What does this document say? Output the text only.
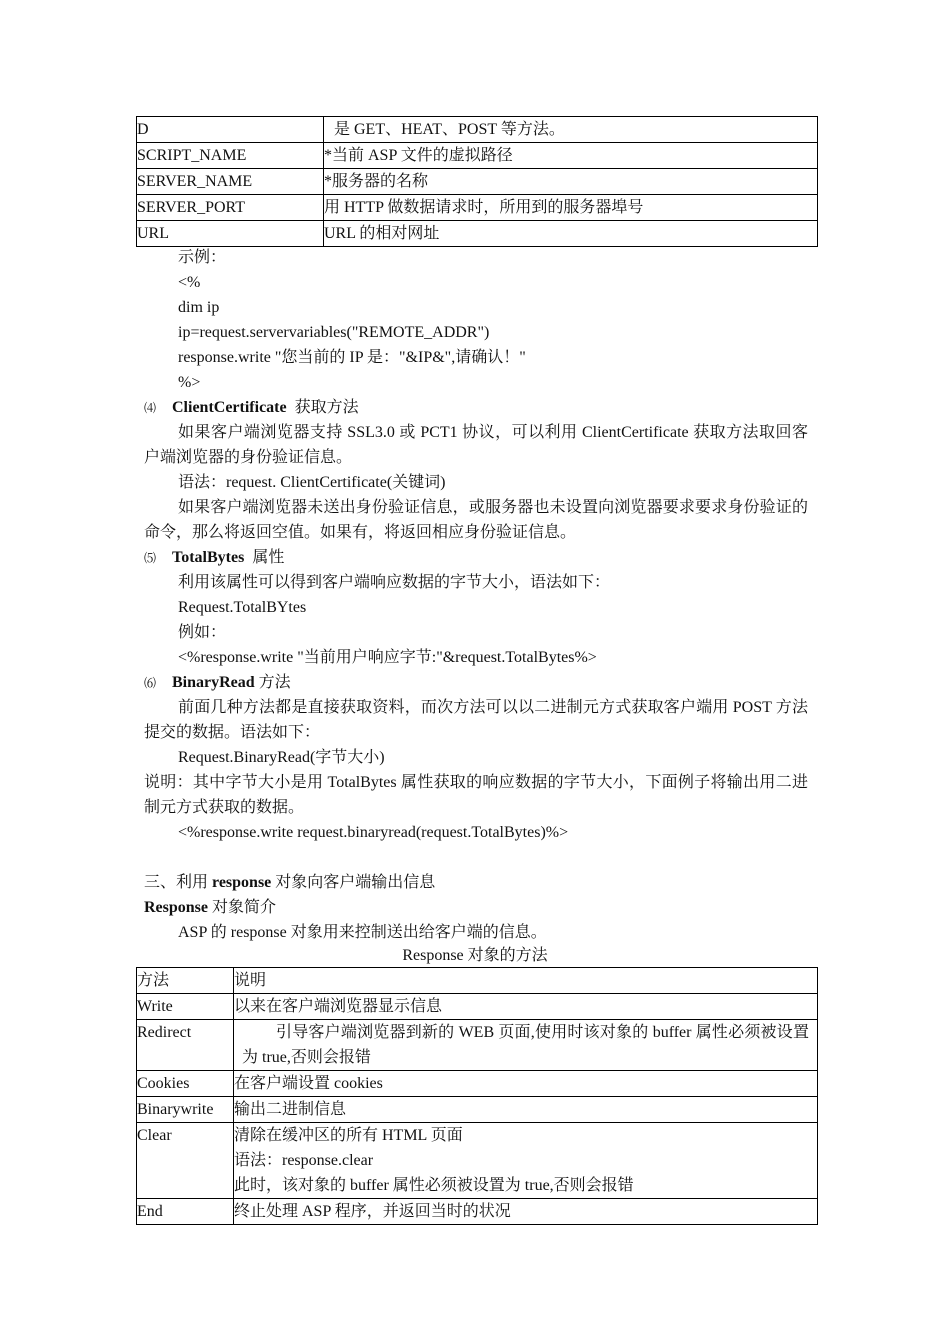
D	是 GET、HEAT、POST 等方法。
SCRIPT_NAME	*当前 ASP 文件的虚拟路径
SERVER_NAME	*服务器的名称
SERVER_PORT	用 HTTP 做数据请求时，所用到的服务器埠号
URL	URL 的相对网址
示例：
<%
dim ip
ip=request.servervariables("REMOTE_ADDR")
response.write "您当前的 IP 是："&IP&",请确认！"
%>
⑷ ClientCertificate 获取方法
如果客户端浏览器支持 SSL3.0 或 PCT1 协议，可以利用 ClientCertificate 获取方法取回客户端浏览器的身份验证信息。
语法：request. ClientCertificate(关键词)
如果客户端浏览器未送出身份验证信息，或服务器也未设置向浏览器要求要求身份验证的命令，那么将返回空值。如果有，将返回相应身份验证信息。
⑸ TotalBytes 属性
利用该属性可以得到客户端响应数据的字节大小，语法如下：
Request.TotalBYtes
例如：
<%response.write "当前用户响应字节:"&request.TotalBytes%>
⑹ BinaryRead 方法
前面几种方法都是直接获取资料，而次方法可以以二进制元方式获取客户端用 POST 方法提交的数据。语法如下：
Request.BinaryRead(字节大小)
说明：其中字节大小是用 TotalBytes 属性获取的响应数据的字节大小，下面例子将输出用二进制元方式获取的数据。
<%response.write request.binaryread(request.TotalBytes)%>
三、利用 response 对象向客户端输出信息
Response 对象简介
ASP 的 response 对象用来控制送出给客户端的信息。
Response 对象的方法
方法	说明
Write	以来在客户端浏览器显示信息
Redirect	引导客户端浏览器到新的 WEB 页面,使用时该对象的 buffer 属性必须被设置为 true,否则会报错

Cookies	在客户端设置 cookies
Binarywrite	输出二进制信息
Clear	清除在缓冲区的所有 HTML 页面
语法：response.clear
此时，该对象的 buffer 属性必须被设置为 true,否则会报错

End	终止处理 ASP 程序，并返回当时的状况
